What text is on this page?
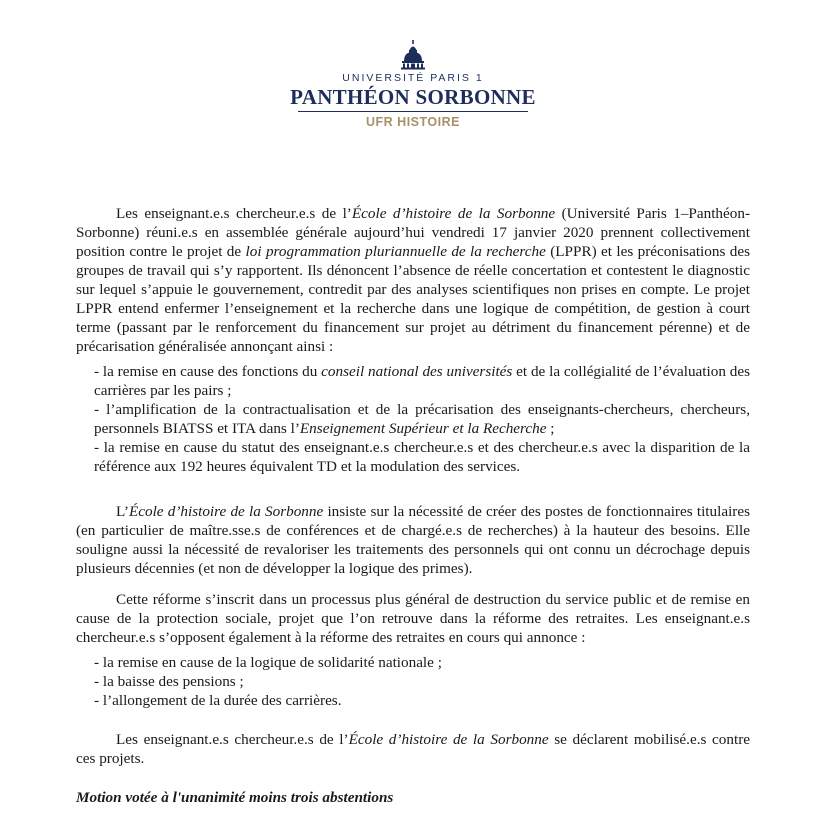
UNIVERSITÉ PARIS 1
PANTHÉON SORBONNE
UFR HISTOIRE

Les enseignant.e.s chercheur.e.s de l’École d’histoire de la Sorbonne (Université Paris 1–Panthéon-Sorbonne) réuni.e.s en assemblée générale aujourd’hui vendredi 17 janvier 2020 prennent collectivement position contre le projet de loi programmation pluriannuelle de la recherche (LPPR) et les préconisations des groupes de travail qui s’y rapportent. Ils dénoncent l’absence de réelle concertation et contestent le diagnostic sur lequel s’appuie le gouvernement, contredit par des analyses scientifiques non prises en compte. Le projet LPPR entend enfermer l’enseignement et la recherche dans une logique de compétition, de gestion à court terme (passant par le renforcement du financement sur projet au détriment du financement pérenne) et de précarisation généralisée annonçant ainsi :

- la remise en cause des fonctions du conseil national des universités et de la collégialité de l’évaluation des carrières par les pairs ;

- l’amplification de la contractualisation et de la précarisation des enseignants-chercheurs, chercheurs, personnels BIATSS et ITA dans l’Enseignement Supérieur et la Recherche ;

- la remise en cause du statut des enseignant.e.s chercheur.e.s et des chercheur.e.s avec la disparition de la référence aux 192 heures équivalent TD et la modulation des services.

L’École d’histoire de la Sorbonne insiste sur la nécessité de créer des postes de fonctionnaires titulaires (en particulier de maître.sse.s de conférences et de chargé.e.s de recherches) à la hauteur des besoins. Elle souligne aussi la nécessité de revaloriser les traitements des personnels qui ont connu un décrochage depuis plusieurs décennies (et non de développer la logique des primes).

Cette réforme s’inscrit dans un processus plus général de destruction du service public et de remise en cause de la protection sociale, projet que l’on retrouve dans la réforme des retraites. Les enseignant.e.s chercheur.e.s s’opposent également à la réforme des retraites en cours qui annonce :

- la remise en cause de la logique de solidarité nationale ;

- la baisse des pensions ;

- l’allongement de la durée des carrières.

Les enseignant.e.s chercheur.e.s de l’École d’histoire de la Sorbonne se déclarent mobilisé.e.s contre ces projets.

Motion votée à l'unanimité moins trois abstentions
